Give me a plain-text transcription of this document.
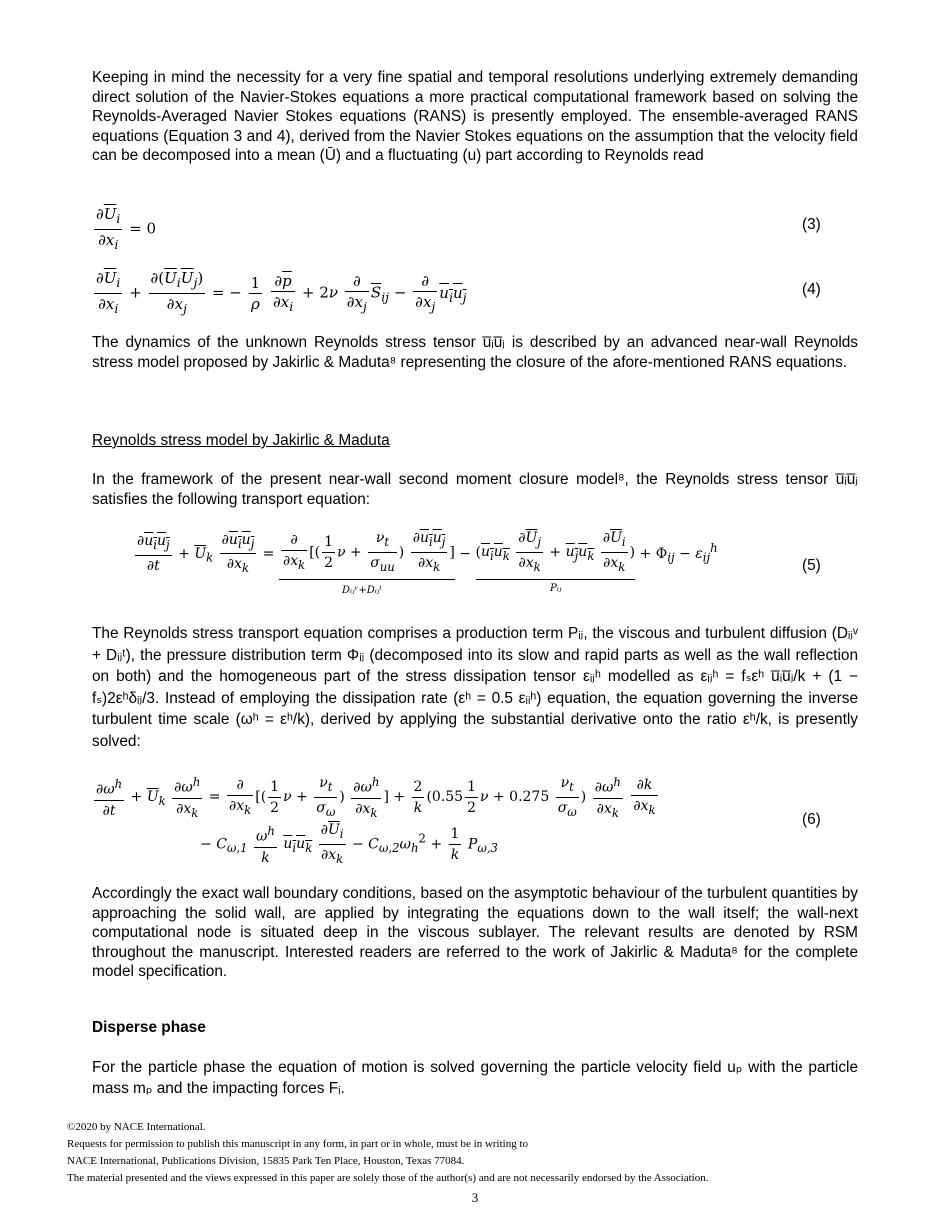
Keeping in mind the necessity for a very fine spatial and temporal resolutions underlying extremely demanding direct solution of the Navier-Stokes equations a more practical computational framework based on solving the Reynolds-Averaged Navier Stokes equations (RANS) is presently employed. The ensemble-averaged RANS equations (Equation 3 and 4), derived from the Navier Stokes equations on the assumption that the velocity field can be decomposed into a mean (Ū) and a fluctuating (u) part according to Reynolds read

$\frac{\partial\overline{U}_i}{\partial x_i} = 0$	(3)
$\frac{\partial\overline{U}_i}{\partial x_i} + \frac{\partial(\overline{U}_i\overline{U}_j)}{\partial x_j}$ = − $\frac{1}{\rho}$
$\frac{\partial\overline{p}}{\partial x_i} + 2\nu \frac{\partial}{\partial x_j} \overline{S}_{ij} - \frac{\partial}{\partial x_j} u_iu_j$	(4)

The dynamics of the unknown Reynolds stress tensor u̅ᵢu̅ⱼ is described by an advanced near-wall Reynolds stress model proposed by Jakirlic & Maduta⁸ representing the closure of the afore-mentioned RANS equations.

Reynolds stress model by Jakirlic & Maduta

In the framework of the present near-wall second moment closure model⁸, the Reynolds stress tensor u̅ᵢu̅ⱼ satisfies the following transport equation:

$\frac{\partial u_iu_j}{\partial t} + \overline{U}_k \frac{\partial u_iu_j}{\partial x_k} = \frac{\partial}{\partial x_k}$ [( $\frac{1}{2}$ $\nu + \frac{\nu_t}{\sigma_{uu}}$ ) $\frac{\partial u_iu_j}{\partial x_k}$ ] − ($u_iu_k \frac{\partial\overline{U}_j}{\partial x_k} + u_ju_k \frac{\partial\overline{U}_i}{\partial x_k}$ ) + $\Phi_{ij} - \varepsilon_{ij}^h$
Dᵢⱼᵛ+Dᵢⱼᵗ	Pᵢⱼ
(5)

The Reynolds stress transport equation comprises a production term Pᵢⱼ, the viscous and turbulent diffusion (Dᵢⱼᵛ + Dᵢⱼᵗ), the pressure distribution term Φᵢⱼ (decomposed into its slow and rapid parts as well as the wall reflection on both) and the homogeneous part of the stress dissipation tensor εᵢⱼʰ modelled as εᵢⱼʰ = fₛεʰ u̅ᵢu̅ⱼ/k + (1 − fₛ)2εʰδᵢⱼ/3. Instead of employing the dissipation rate (εʰ = 0.5 εᵢᵢʰ) equation, the equation governing the inverse turbulent time scale (ωʰ = εʰ/k), derived by applying the substantial derivative onto the ratio εʰ/k, is presently solved:

$\frac{\partial\omega^h}{\partial t} + \overline{U}_k \frac{\partial\omega^h}{\partial x_k} = \frac{\partial}{\partial x_k}$ [( $\frac{1}{2}$ $\nu + \frac{\nu_t}{\sigma_\omega}$ ) $\frac{\partial\omega^h}{\partial x_k}$ ] + $\frac{2}{k} (0.55 \frac{1}{2}$ $\nu + 0.275 \frac{\nu_t}{\sigma_\omega}$ ) $\frac{\partial\omega^h}{\partial x_k}$
$\frac{\partial k}{\partial x_k}$
− $C_{\omega,1} \frac{\omega^h}{k} u_iu_k \frac{\partial\overline{U}_i}{\partial x_k} - C_{\omega,2}\omega_h^2 + \frac{1}{k} P_{\omega,3}$
(6)

Accordingly the exact wall boundary conditions, based on the asymptotic behaviour of the turbulent quantities by approaching the solid wall, are applied by integrating the equations down to the wall itself; the wall-next computational node is situated deep in the viscous sublayer. The relevant results are denoted by RSM throughout the manuscript. Interested readers are referred to the work of Jakirlic & Maduta⁸ for the complete model specification.

Disperse phase

For the particle phase the equation of motion is solved governing the particle velocity field uₚ with the particle mass mₚ and the impacting forces Fᵢ.

©2020 by NACE International.

Requests for permission to publish this manuscript in any form, in part or in whole, must be in writing to

NACE International, Publications Division, 15835 Park Ten Place, Houston, Texas 77084.

The material presented and the views expressed in this paper are solely those of the author(s) and are not necessarily endorsed by the Association.

3
